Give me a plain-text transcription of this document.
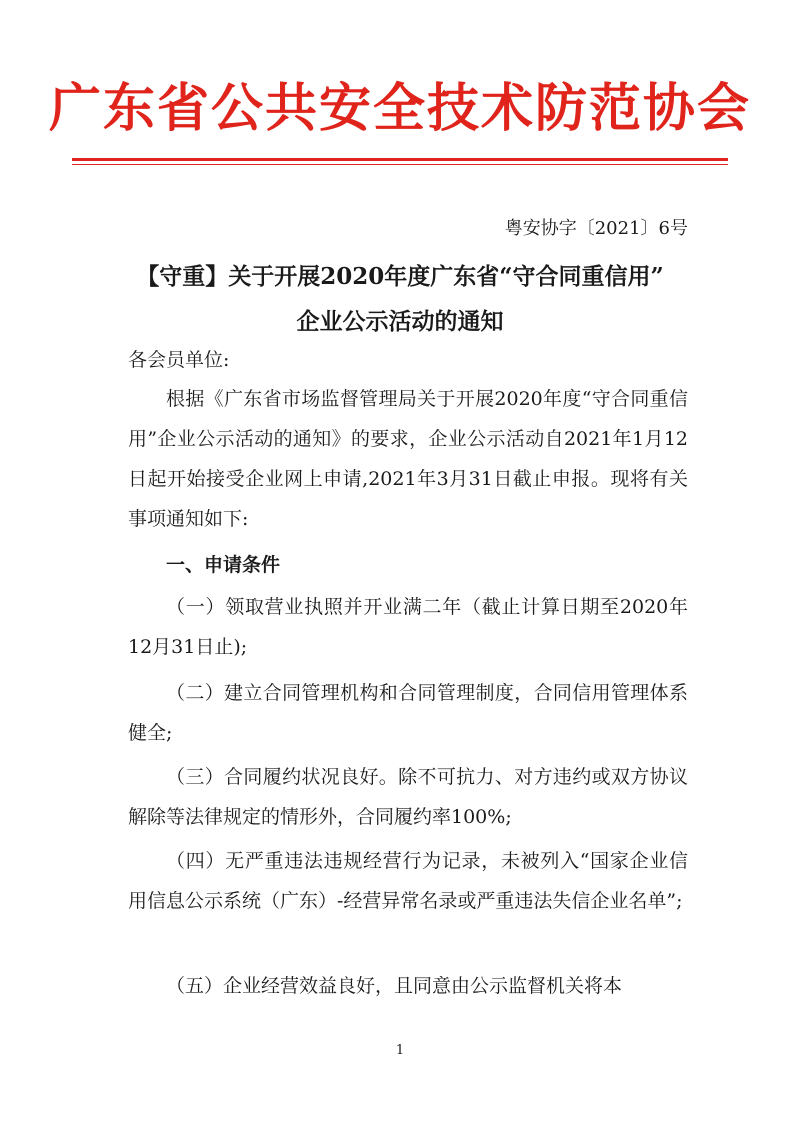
广东省公共安全技术防范协会
粤安协字〔2021〕6号
【守重】关于开展2020年度广东省“守合同重信用”
企业公示活动的通知
各会员单位:
根据《广东省市场监督管理局关于开展2020年度“守合同重信用”企业公示活动的通知》的要求，企业公示活动自2021年1月12日起开始接受企业网上申请,2021年3月31日截止申报。现将有关事项通知如下:
一、申请条件
（一）领取营业执照并开业满二年（截止计算日期至2020年12月31日止);
（二）建立合同管理机构和合同管理制度，合同信用管理体系健全;
（三）合同履约状况良好。除不可抗力、对方违约或双方协议解除等法律规定的情形外，合同履约率100%;
（四）无严重违法违规经营行为记录，未被列入“国家企业信用信息公示系统（广东）-经营异常名录或严重违法失信企业名单”;
（五）企业经营效益良好，且同意由公示监督机关将本
1
